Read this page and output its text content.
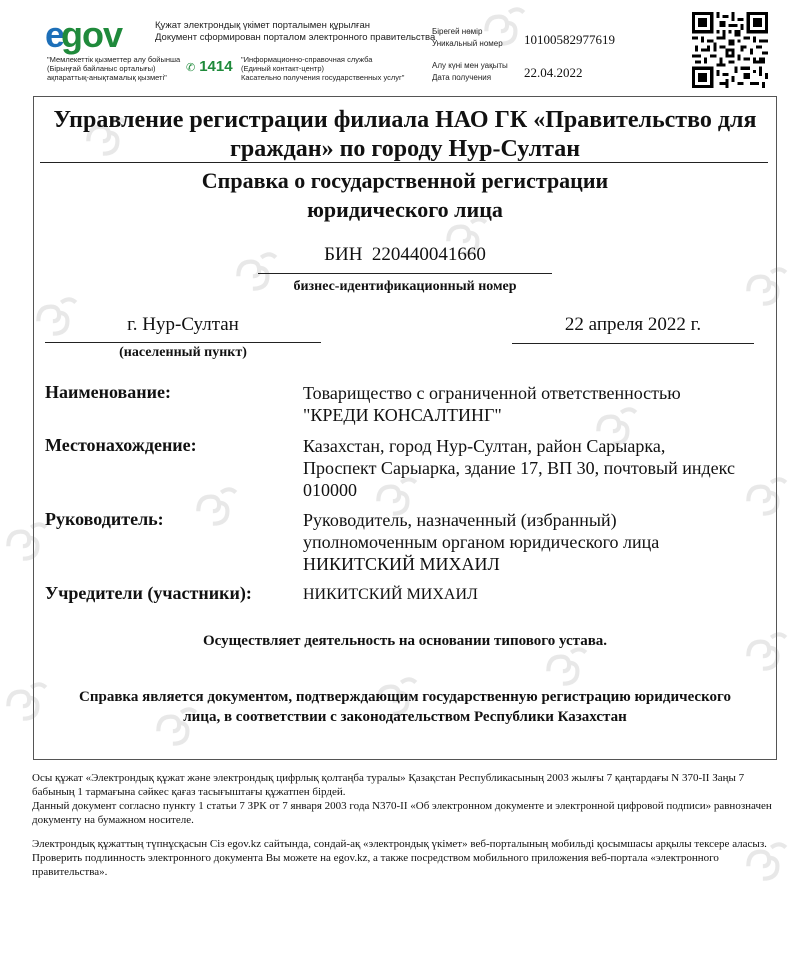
egov	Қужат электрондық үкімет порталымен құрылған
Документ сформирован порталом электронного правительства
"Мемлекеттік қызметтер алу бойынша
(Бірыңғай байланыс орталығы)
ақпараттық-анықтамалық қызметі"
✆ 1414 "Информационно-справочная служба
(Единый контакт-центр)
Касательно получения государственных услуг"
Бірегей нөмір
Уникальный номер 10100582977619
Алу күні мен уақыты
Дата получения	22.04.2022
Управление регистрации филиала НАО ГК «Правительство для граждан» по городу Нур-Султан
Справка о государственной регистрации
юридического лица
БИН 220440041660
бизнес-идентификационный номер
г. Нур-Султан
(населенный пункт)
22 апреля 2022 г.
Наименование:	Товарищество с ограниченной ответственностью
"КРЕДИ КОНСАЛТИНГ"
Местонахождение:	Казахстан, город Нур-Султан, район Сарыарка,
Проспект Сарыарка, здание 17, ВП 30, почтовый индекс
010000
Руководитель:	Руководитель, назначенный (избранный)
уполномоченным органом юридического лица
НИКИТСКИЙ МИХАИЛ
Учредители (участники):	НИКИТСКИЙ МИХАИЛ
Осуществляет деятельность на основании типового устава.
Справка является документом, подтверждающим государственную регистрацию юридического
лица, в соответствии с законодательством Республики Казахстан
Осы құжат «Электрондық құжат және электрондық цифрлық қолтаңба туралы» Қазақстан Республикасының 2003 жылғы 7 қаңтардағы N 370-II Заңы 7 бабының 1 тармағына сәйкес қағаз тасығыштағы құжатпен бірдей.
Данный документ согласно пункту 1 статьи 7 ЗРК от 7 января 2003 года N370-II «Об электронном документе и электронной цифровой подписи» равнозначен документу на бумажном носителе.
Электрондық құжаттың түпнұсқасын Сіз egov.kz сайтында, сондай-ақ «электрондық үкімет» веб-порталының мобильді қосымшасы арқылы тексере аласыз.
Проверить подлинность электронного документа Вы можете на egov.kz, а также посредством мобильного приложения веб-портала «электронного правительства».
